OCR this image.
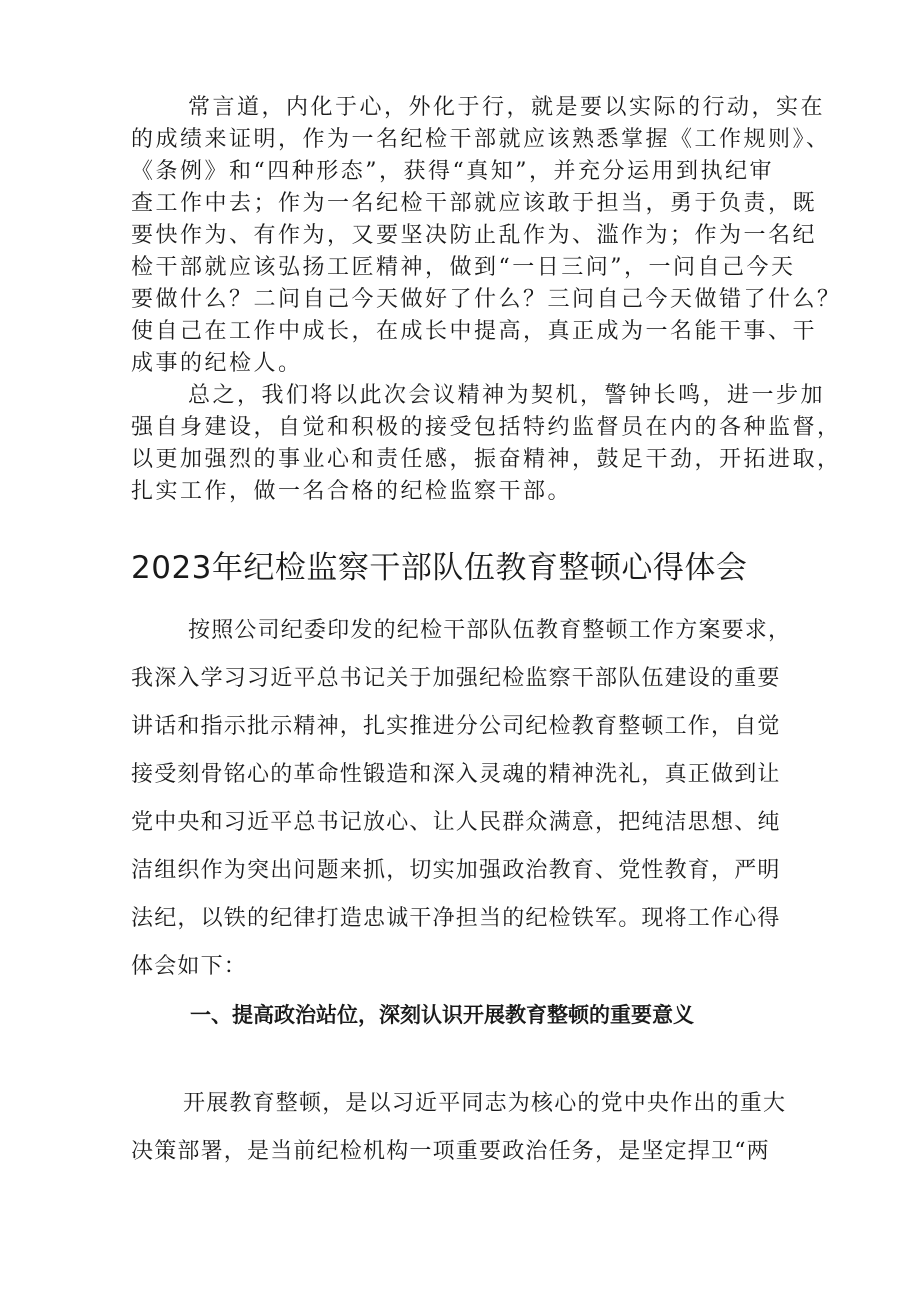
常言道，内化于心，外化于行，就是要以实际的行动，实在
的成绩来证明，作为一名纪检干部就应该熟悉掌握《工作规则》、
《条例》和“四种形态”，获得“真知”，并充分运用到执纪审
查工作中去；作为一名纪检干部就应该敢于担当，勇于负责，既
要快作为、有作为，又要坚决防止乱作为、滥作为；作为一名纪
检干部就应该弘扬工匠精神，做到“一日三问”，一问自己今天
要做什么？二问自己今天做好了什么？三问自己今天做错了什么？
使自己在工作中成长，在成长中提高，真正成为一名能干事、干
成事的纪检人。
总之，我们将以此次会议精神为契机，警钟长鸣，进一步加
强自身建设，自觉和积极的接受包括特约监督员在内的各种监督，
以更加强烈的事业心和责任感，振奋精神，鼓足干劲，开拓进取，
扎实工作，做一名合格的纪检监察干部。
2023年纪检监察干部队伍教育整顿心得体会
按照公司纪委印发的纪检干部队伍教育整顿工作方案要求，
我深入学习习近平总书记关于加强纪检监察干部队伍建设的重要
讲话和指示批示精神，扎实推进分公司纪检教育整顿工作，自觉
接受刻骨铭心的革命性锻造和深入灵魂的精神洗礼，真正做到让
党中央和习近平总书记放心、让人民群众满意，把纯洁思想、纯
洁组织作为突出问题来抓，切实加强政治教育、党性教育，严明
法纪，以铁的纪律打造忠诚干净担当的纪检铁军。现将工作心得
体会如下：
一、提高政治站位，深刻认识开展教育整顿的重要意义
开展教育整顿，是以习近平同志为核心的党中央作出的重大
决策部署，是当前纪检机构一项重要政治任务，是坚定捍卫“两
